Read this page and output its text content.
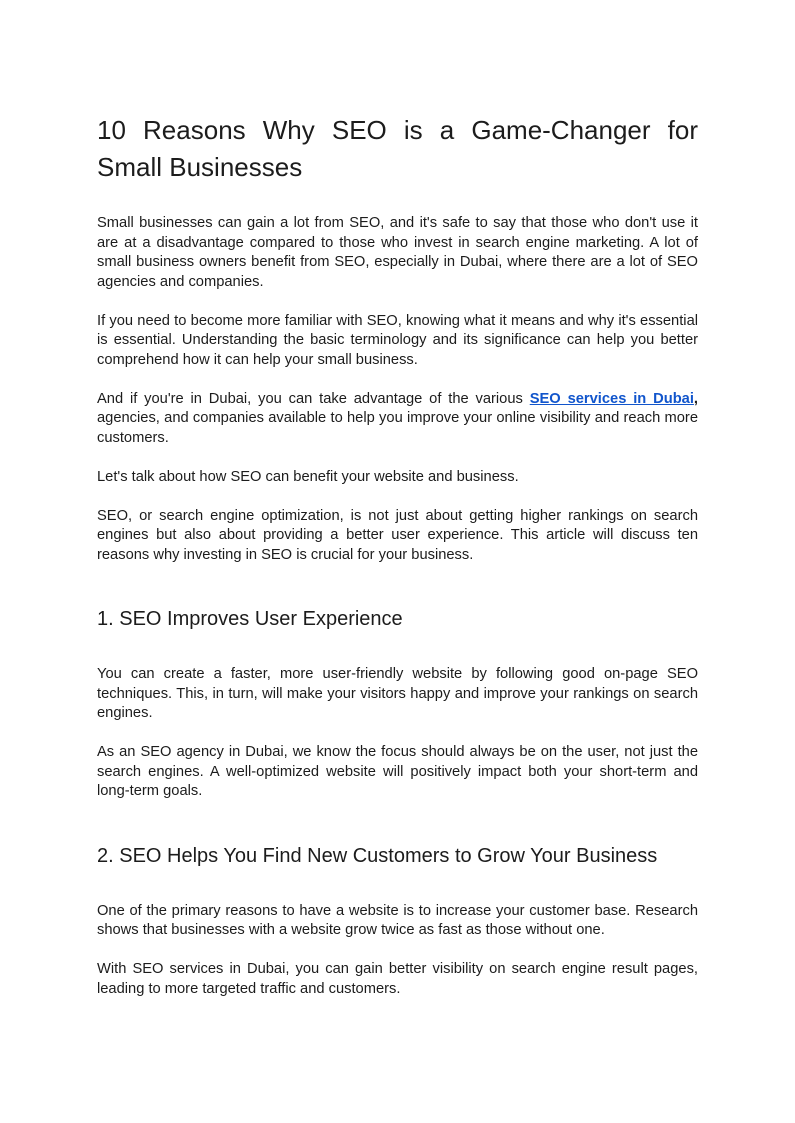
10 Reasons Why SEO is a Game-Changer for Small Businesses

Small businesses can gain a lot from SEO, and it's safe to say that those who don't use it are at a disadvantage compared to those who invest in search engine marketing. A lot of small business owners benefit from SEO, especially in Dubai, where there are a lot of SEO agencies and companies.

If you need to become more familiar with SEO, knowing what it means and why it's essential is essential. Understanding the basic terminology and its significance can help you better comprehend how it can help your small business.

And if you're in Dubai, you can take advantage of the various SEO services in Dubai, agencies, and companies available to help you improve your online visibility and reach more customers.

Let's talk about how SEO can benefit your website and business.

SEO, or search engine optimization, is not just about getting higher rankings on search engines but also about providing a better user experience. This article will discuss ten reasons why investing in SEO is crucial for your business.

1. SEO Improves User Experience

You can create a faster, more user-friendly website by following good on-page SEO techniques. This, in turn, will make your visitors happy and improve your rankings on search engines.

As an SEO agency in Dubai, we know the focus should always be on the user, not just the search engines. A well-optimized website will positively impact both your short-term and long-term goals.

2. SEO Helps You Find New Customers to Grow Your Business

One of the primary reasons to have a website is to increase your customer base. Research shows that businesses with a website grow twice as fast as those without one.

With SEO services in Dubai, you can gain better visibility on search engine result pages, leading to more targeted traffic and customers.
